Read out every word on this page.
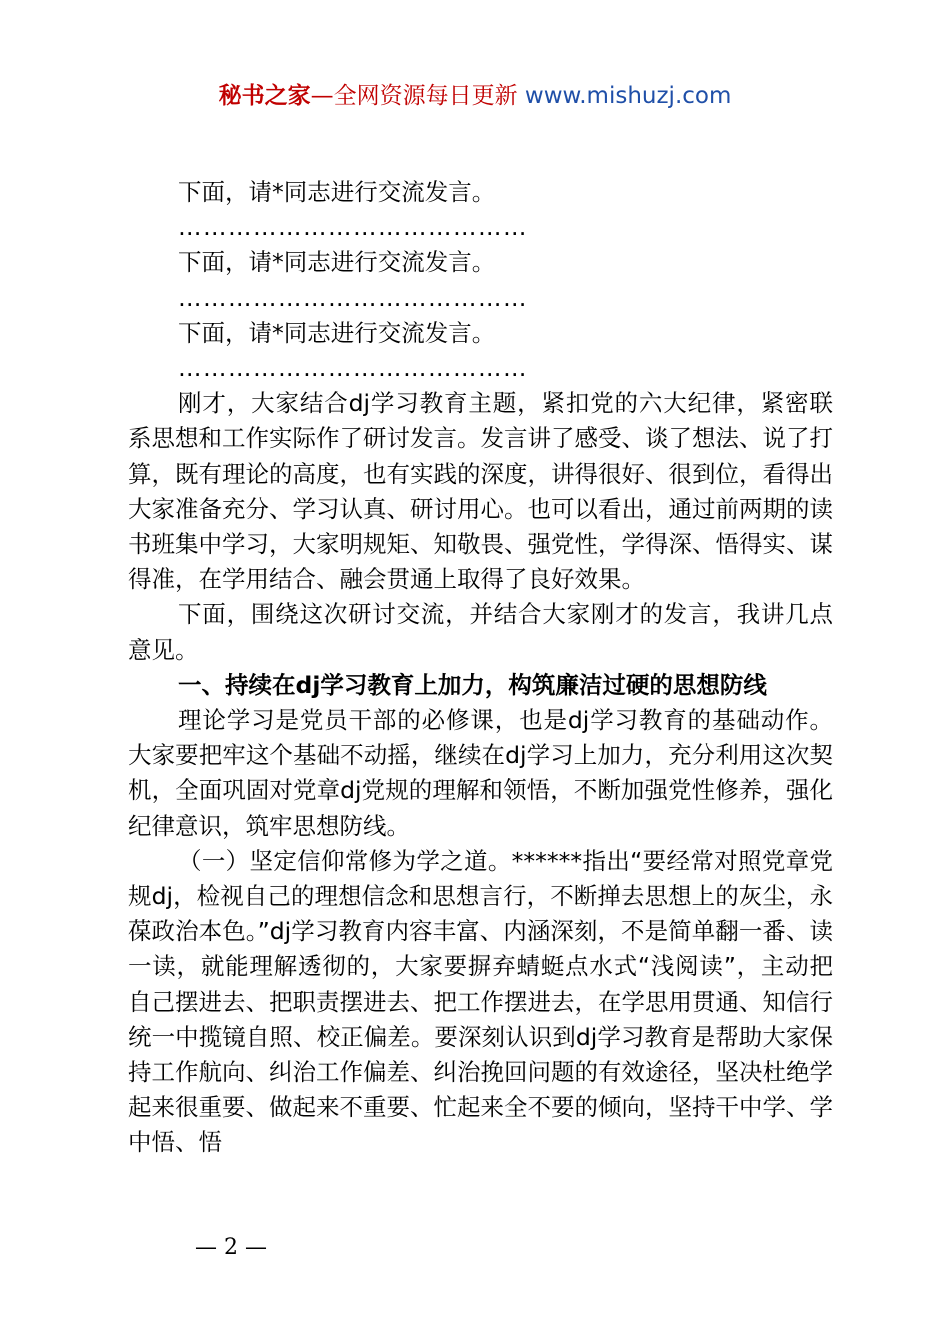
秘书之家—全网资源每日更新 www.mishuzj.com

下面，请*同志进行交流发言。

……………………………………

下面，请*同志进行交流发言。

……………………………………

下面，请*同志进行交流发言。

……………………………………

刚才，大家结合dj学习教育主题，紧扣党的六大纪律，紧密联系思想和工作实际作了研讨发言。发言讲了感受、谈了想法、说了打算，既有理论的高度，也有实践的深度，讲得很好、很到位，看得出大家准备充分、学习认真、研讨用心。也可以看出，通过前两期的读书班集中学习，大家明规矩、知敬畏、强党性，学得深、悟得实、谋得准，在学用结合、融会贯通上取得了良好效果。

下面，围绕这次研讨交流，并结合大家刚才的发言，我讲几点意见。

一、持续在dj学习教育上加力，构筑廉洁过硬的思想防线

理论学习是党员干部的必修课，也是dj学习教育的基础动作。大家要把牢这个基础不动摇，继续在dj学习上加力，充分利用这次契机，全面巩固对党章dj党规的理解和领悟，不断加强党性修养，强化纪律意识，筑牢思想防线。

（一）坚定信仰常修为学之道。******指出“要经常对照党章党规dj，检视自己的理想信念和思想言行，不断掸去思想上的灰尘，永葆政治本色。”dj学习教育内容丰富、内涵深刻，不是简单翻一番、读一读，就能理解透彻的，大家要摒弃蜻蜓点水式“浅阅读”，主动把自己摆进去、把职责摆进去、把工作摆进去，在学思用贯通、知信行统一中揽镜自照、校正偏差。要深刻认识到dj学习教育是帮助大家保持工作航向、纠治工作偏差、纠治挽回问题的有效途径，坚决杜绝学起来很重要、做起来不重要、忙起来全不要的倾向，坚持干中学、学中悟、悟

— 2 —
